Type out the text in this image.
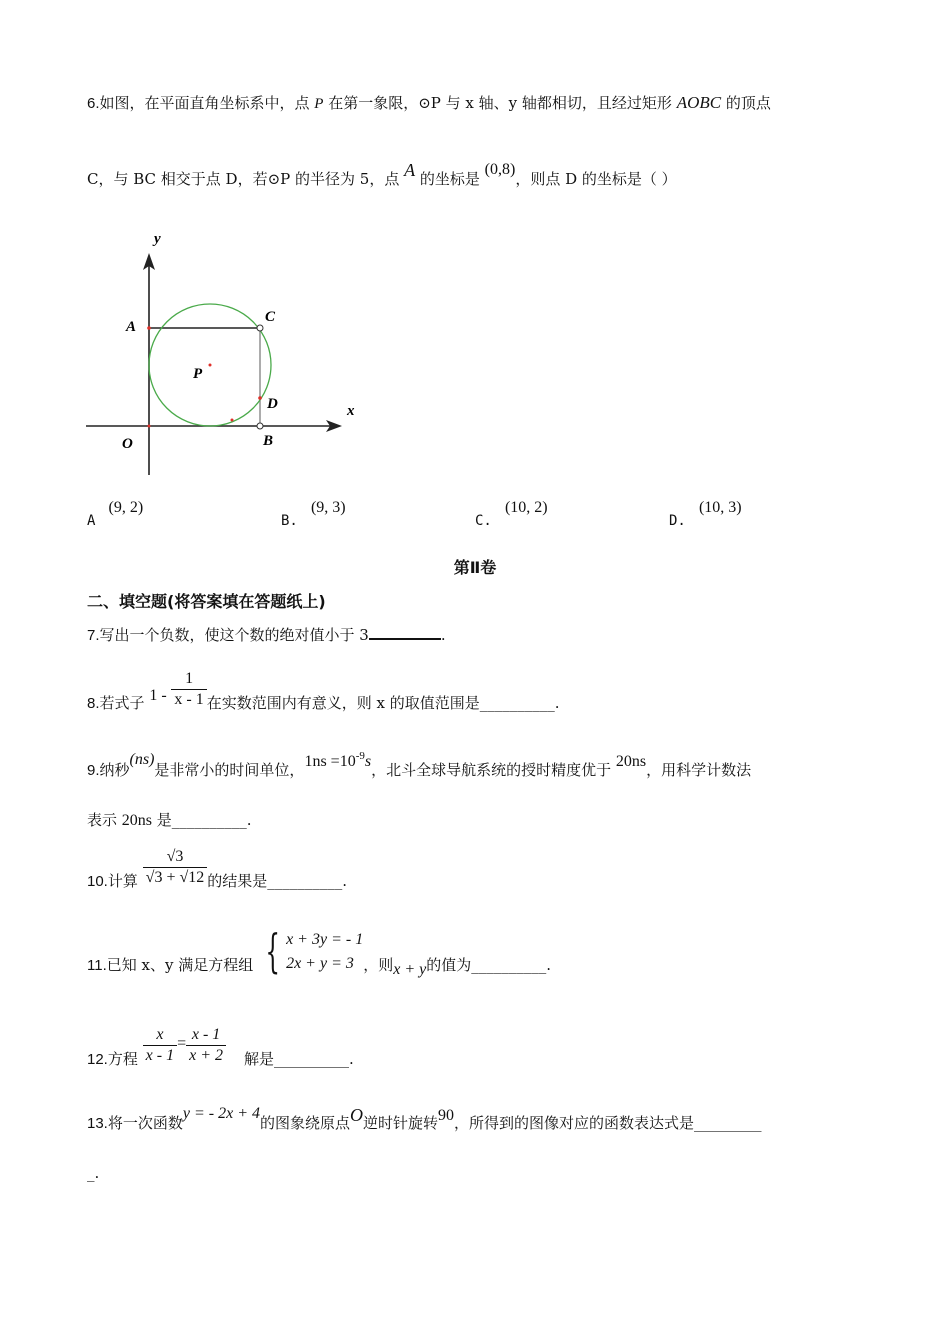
6.如图，在平面直角坐标系中，点 P 在第一象限，⊙P 与 x 轴、y 轴都相切，且经过矩形 AOBC 的顶点
C，与 BC 相交于点 D，若⊙P 的半径为 5，点 A 的坐标是 (0,8)，则点 D 的坐标是（ ）
y
x
A
C
P
D
O	B
A (9, 2)
B. (9, 3)
C. (10, 2)
D. (10, 3)
第Ⅱ卷
二、填空题(将答案填在答题纸上)
7.写出一个负数，使这个数的绝对值小于 3	.
8.若式子 $1 - \frac{1}{x - 1}$ 在实数范围内有意义，则 x 的取值范围是__________.
9.纳秒(ns)是非常小的时间单位，$1ns =10^{-9}s$，北斗全球导航系统的授时精度优于 20ns，用科学计数法
表示 20ns 是__________.
10.计算 $\frac{√3}{√3 + √12}$ 的结果是__________.
11.已知 x、y 满足方程组 { x + 3y = - 1
2x + y = 3 ，则x + y的值为__________.
12.方程 $\frac{x}{x - 1} = \frac{x - 1}{x + 2}$ 解是__________.
13.将一次函数y = - 2x + 4的图象绕原点O逆时针旋转90，所得到的图像对应的函数表达式是_________
_.
